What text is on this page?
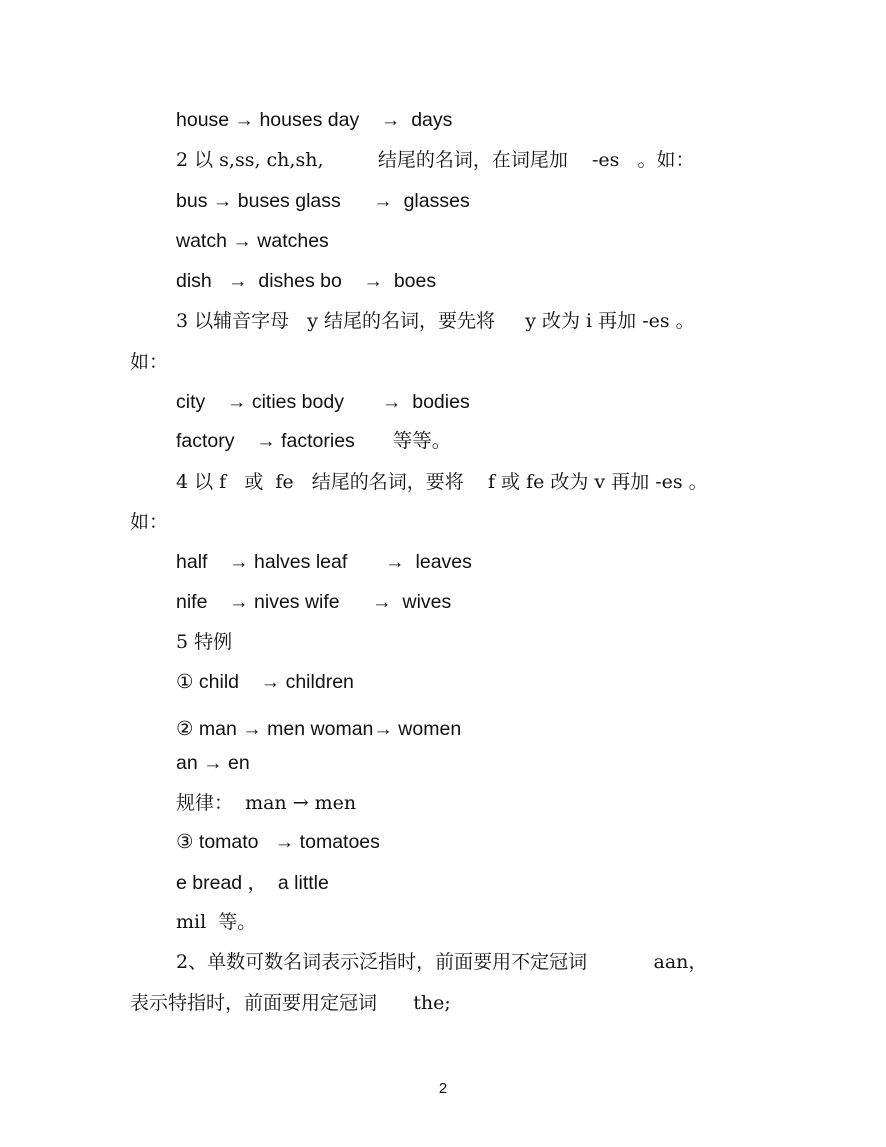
house → houses day    →  days
2 以 s,ss, ch,sh,         结尾的名词，在词尾加    -es   。如：
bus → buses glass      →  glasses
watch → watches
dish   →  dishes bo    →  boes
3 以辅音字母   y 结尾的名词，要先将     y 改为 i 再加 -es 。
如：
city    → cities body       →  bodies
factory    → factories       等等。
4 以 f   或  fe   结尾的名词，要将    f 或 fe 改为 v 再加 -es 。
如：
half    → halves leaf       →  leaves
nife    → nives wife      →  wives
5 特例
① child    → children
② man → men woman→ women
an → en
规律：  man → men
③ tomato   → tomatoes
e bread ，  a little
mil  等。
2、单数可数名词表示泛指时，前面要用不定冠词           aan，
表示特指时，前面要用定冠词      the;
2
